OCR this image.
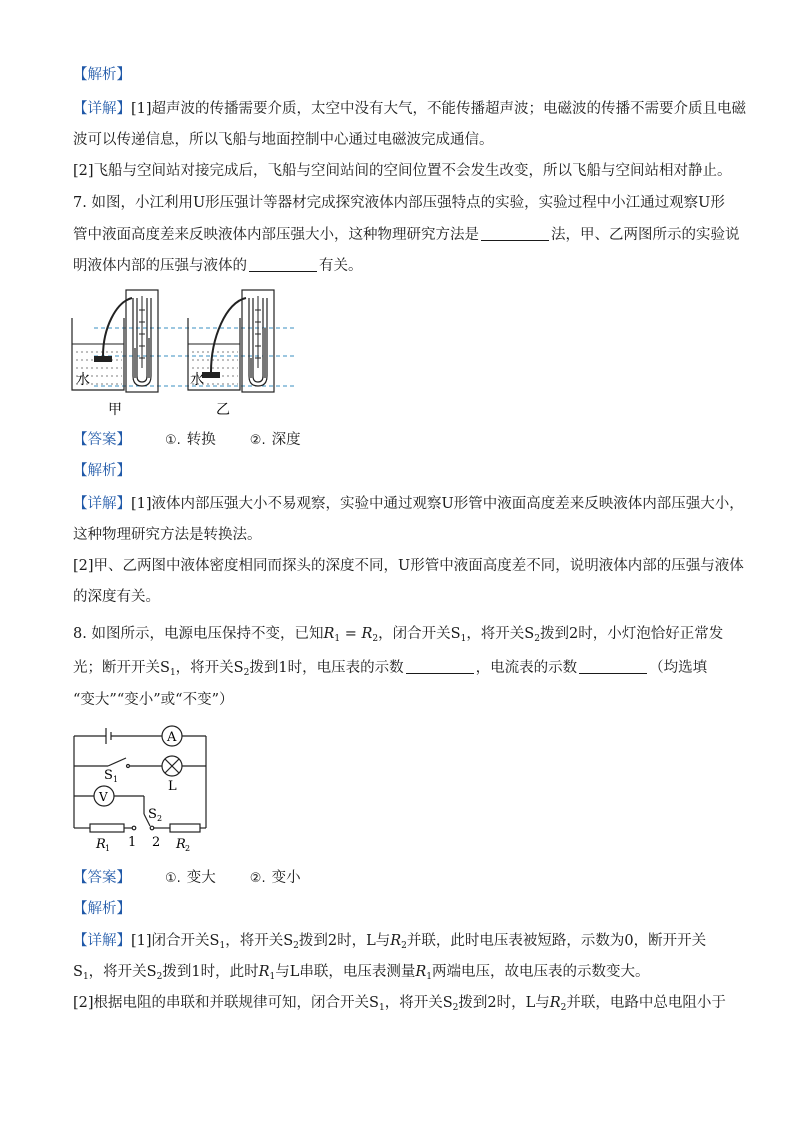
【解析】
【详解】[1]超声波的传播需要介质，太空中没有大气，不能传播超声波；电磁波的传播不需要介质且电磁
波可以传递信息，所以飞船与地面控制中心通过电磁波完成通信。
[2]飞船与空间站对接完成后，飞船与空间站间的空间位置不会发生改变，所以飞船与空间站相对静止。
7. 如图，小江利用U形压强计等器材完成探究液体内部压强特点的实验，实验过程中小江通过观察U形
管中液面高度差来反映液体内部压强大小，这种物理研究方法是	法，甲、乙两图所示的实验说
明液体内部的压强与液体的	有关。
水	水
甲	乙
【答案】	①. 转换	②. 深度
【解析】
【详解】[1]液体内部压强大小不易观察，实验中通过观察U形管中液面高度差来反映液体内部压强大小，
这种物理研究方法是转换法。
[2]甲、乙两图中液体密度相同而探头的深度不同，U形管中液面高度差不同，说明液体内部的压强与液体
的深度有关。
8. 如图所示，电源电压保持不变，已知$R_1 = R_2$，闭合开关$S_1$，将开关$S_2$拨到2时，小灯泡恰好正常发
光；断开开关$S_1$，将开关$S_2$拨到1时，电压表的示数	，电流表的示数	（均选填
“变大”“变小”或“不变”）
A
V
L
S 1
S 2
R 1 1 2 R 2
【答案】	①. 变大	②. 变小
【解析】
【详解】[1]闭合开关$S_1$，将开关$S_2$拨到2时，L与$R_2$并联，此时电压表被短路，示数为0，断开开关
$S_1$，将开关$S_2$拨到1时，此时$R_1$与L串联，电压表测量$R_1$两端电压，故电压表的示数变大。
[2]根据电阻的串联和并联规律可知，闭合开关$S_1$，将开关$S_2$拨到2时，L与$R_2$并联，电路中总电阻小于
